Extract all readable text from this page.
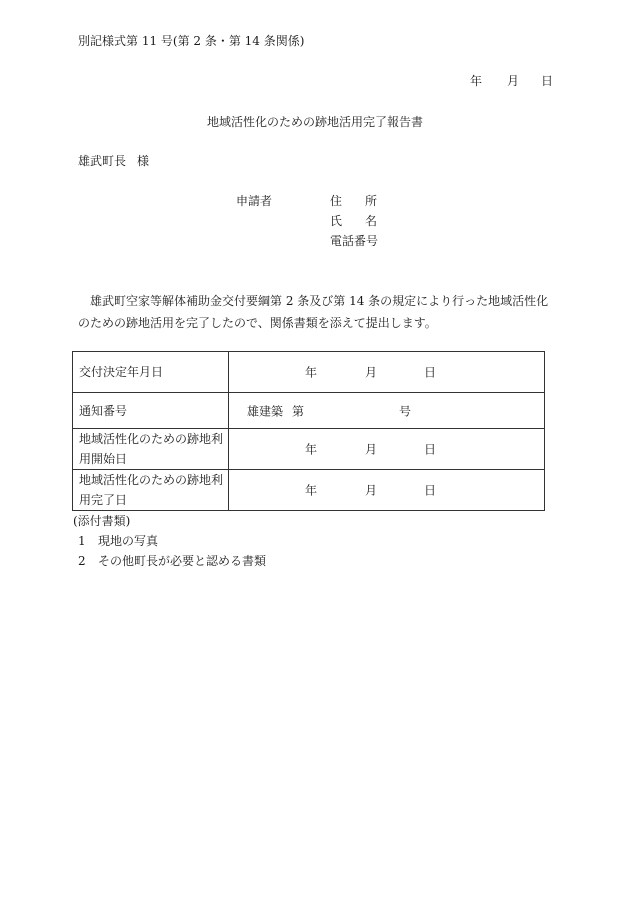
別記様式第 11 号(第 2 条・第 14 条関係)
年 月 日
地域活性化のための跡地活用完了報告書
雄武町長 様
申請者	住 所
氏 名
電話番号
雄武町空家等解体補助金交付要綱第 2 条及び第 14 条の規定により行った地域活性化のための跡地活用を完了したので、関係書類を添えて提出します。
交付決定年月日	年 月 日

通知番号	雄建築 第 号

地域活性化のための跡地利用開始日	年 月 日

地域活性化のための跡地利用完了日	年 月 日
(添付書類)
1 現地の写真
2 その他町長が必要と認める書類
